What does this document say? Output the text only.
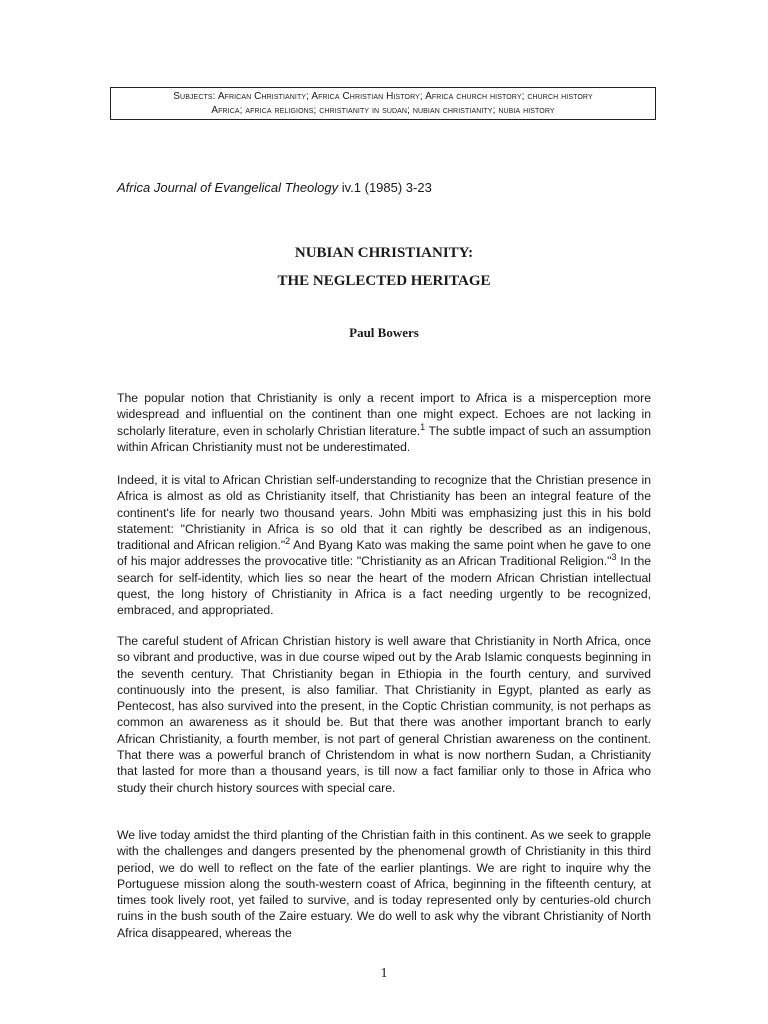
Subjects: African Christianity; Africa Christian History; Africa church history; church history
Africa; africa religions; christianity in sudan; nubian christianity; nubia history
Africa Journal of Evangelical Theology iv.1 (1985) 3-23
NUBIAN CHRISTIANITY:
THE NEGLECTED HERITAGE
Paul Bowers

The popular notion that Christianity is only a recent import to Africa is a misperception more widespread and influential on the continent than one might expect. Echoes are not lacking in scholarly literature, even in scholarly Christian literature.$^1$ The subtle impact of such an assumption within African Christianity must not be underestimated.

Indeed, it is vital to African Christian self-understanding to recognize that the Christian presence in Africa is almost as old as Christianity itself, that Christianity has been an integral feature of the continent's life for nearly two thousand years. John Mbiti was emphasizing just this in his bold statement: "Christianity in Africa is so old that it can rightly be described as an indigenous, traditional and African religion."$^2$ And Byang Kato was making the same point when he gave to one of his major addresses the provocative title: "Christianity as an African Traditional Religion."$^3$ In the search for self-identity, which lies so near the heart of the modern African Christian intellectual quest, the long history of Christianity in Africa is a fact needing urgently to be recognized, embraced, and appropriated.

The careful student of African Christian history is well aware that Christianity in North Africa, once so vibrant and productive, was in due course wiped out by the Arab Islamic conquests beginning in the seventh century. That Christianity began in Ethiopia in the fourth century, and survived continuously into the present, is also familiar. That Christianity in Egypt, planted as early as Pentecost, has also survived into the present, in the Coptic Christian community, is not perhaps as common an awareness as it should be. But that there was another important branch to early African Christianity, a fourth member, is not part of general Christian awareness on the continent. That there was a powerful branch of Christendom in what is now northern Sudan, a Christianity that lasted for more than a thousand years, is till now a fact familiar only to those in Africa who study their church history sources with special care.

We live today amidst the third planting of the Christian faith in this continent. As we seek to grapple with the challenges and dangers presented by the phenomenal growth of Christianity in this third period, we do well to reflect on the fate of the earlier plantings. We are right to inquire why the Portuguese mission along the south-western coast of Africa, beginning in the fifteenth century, at times took lively root, yet failed to survive, and is today represented only by centuries-old church ruins in the bush south of the Zaire estuary. We do well to ask why the vibrant Christianity of North Africa disappeared, whereas the

1
